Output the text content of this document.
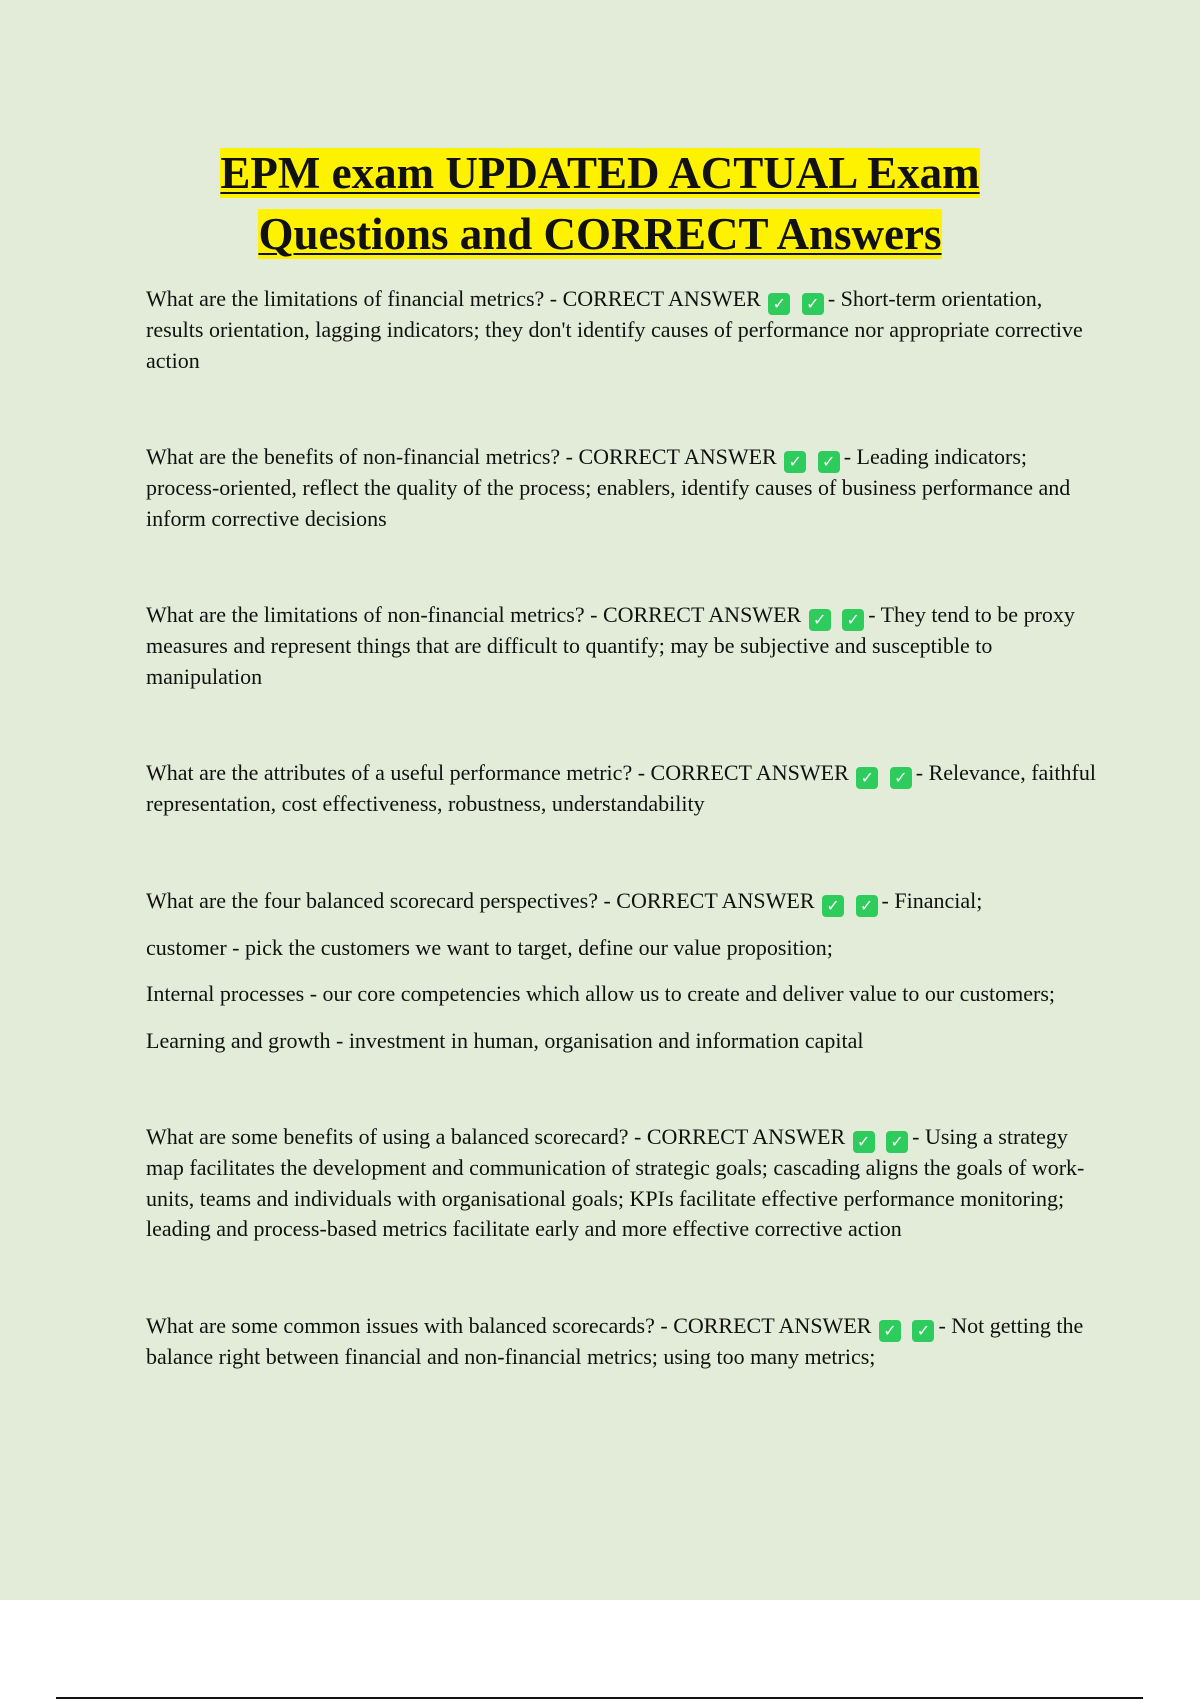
EPM exam UPDATED ACTUAL Exam
Questions and CORRECT Answers

What are the limitations of financial metrics? - CORRECT ANSWER ✓ ✓ - Short-term orientation, results orientation, lagging indicators; they don't identify causes of performance nor appropriate corrective action

What are the benefits of non-financial metrics? - CORRECT ANSWER ✓ ✓ - Leading indicators; process-oriented, reflect the quality of the process; enablers, identify causes of business performance and inform corrective decisions

What are the limitations of non-financial metrics? - CORRECT ANSWER ✓ ✓ - They tend to be proxy measures and represent things that are difficult to quantify; may be subjective and susceptible to manipulation

What are the attributes of a useful performance metric? - CORRECT ANSWER ✓ ✓ - Relevance, faithful representation, cost effectiveness, robustness, understandability

What are the four balanced scorecard perspectives? - CORRECT ANSWER ✓ ✓ - Financial;

customer - pick the customers we want to target, define our value proposition;

Internal processes - our core competencies which allow us to create and deliver value to our customers;

Learning and growth - investment in human, organisation and information capital

What are some benefits of using a balanced scorecard? - CORRECT ANSWER ✓ ✓ - Using a strategy map facilitates the development and communication of strategic goals; cascading aligns the goals of work-units, teams and individuals with organisational goals; KPIs facilitate effective performance monitoring; leading and process-based metrics facilitate early and more effective corrective action

What are some common issues with balanced scorecards? - CORRECT ANSWER ✓ ✓ - Not getting the balance right between financial and non-financial metrics; using too many metrics;
